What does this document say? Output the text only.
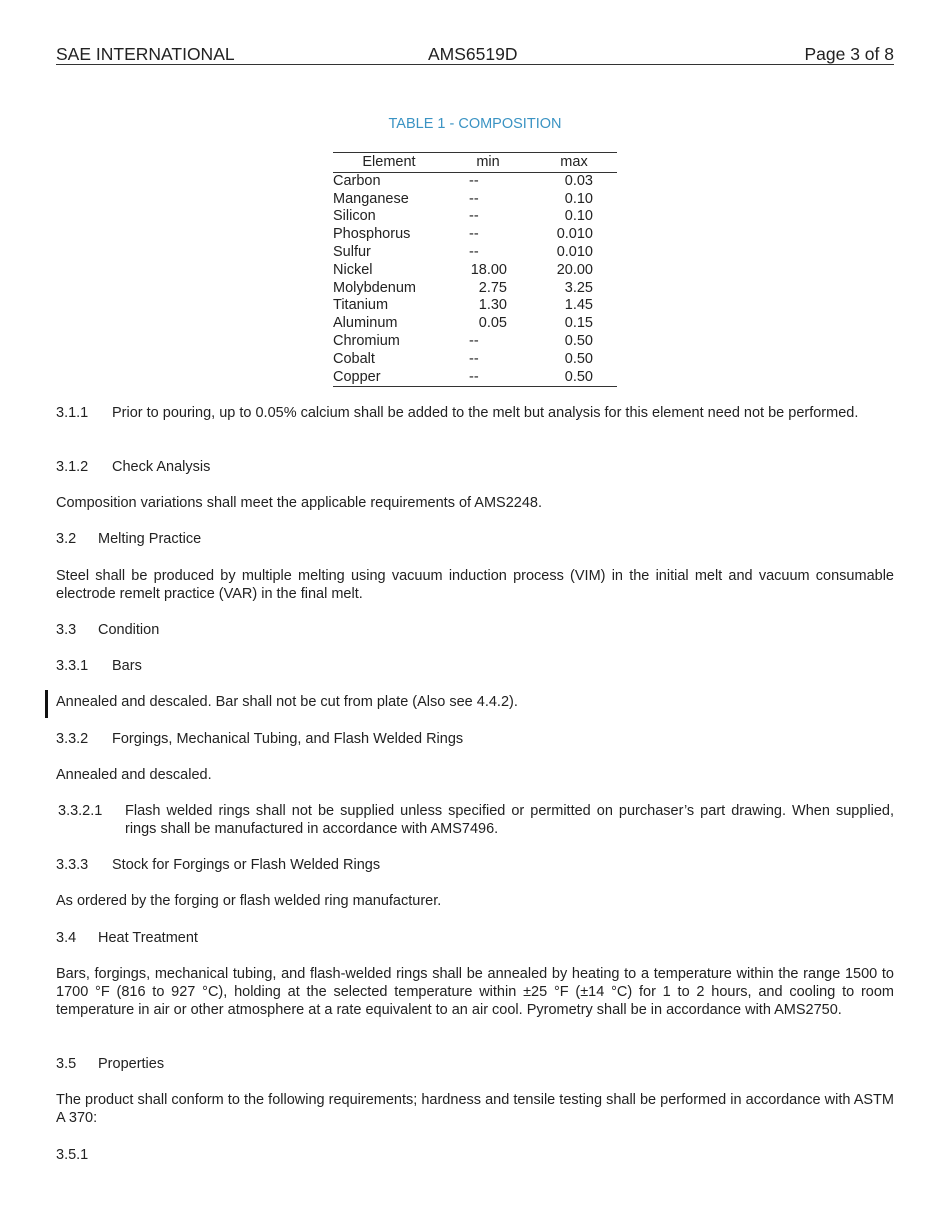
SAE INTERNATIONAL	AMS6519D	Page 3 of 8
TABLE 1 - COMPOSITION
Element	min	max
Carbon	--	0.03
Manganese	--	0.10
Silicon	--	0.10
Phosphorus	--	0.010
Sulfur	--	0.010
Nickel	18.00	20.00
Molybdenum	2.75	3.25
Titanium	1.30	1.45
Aluminum	0.05	0.15
Chromium	--	0.50
Cobalt	--	0.50
Copper	--	0.50
Prior to pouring, up to 0.05% calcium shall be added to the melt but analysis for this element need not be performed.
3.1.1
3.1.2 Check Analysis
Composition variations shall meet the applicable requirements of AMS2248.
3.2 Melting Practice
Steel shall be produced by multiple melting using vacuum induction process (VIM) in the initial melt and vacuum consumable electrode remelt practice (VAR) in the final melt.
3.3 Condition
3.3.1 Bars
Annealed and descaled. Bar shall not be cut from plate (Also see 4.4.2).
3.3.2 Forgings, Mechanical Tubing, and Flash Welded Rings
Annealed and descaled.
3.3.2.1 Flash welded rings shall not be supplied unless specified or permitted on purchaser’s part drawing. When supplied, rings shall be manufactured in accordance with AMS7496.
3.3.3 Stock for Forgings or Flash Welded Rings
As ordered by the forging or flash welded ring manufacturer.
3.4 Heat Treatment
Bars, forgings, mechanical tubing, and flash-welded rings shall be annealed by heating to a temperature within the range 1500 to 1700 °F (816 to 927 °C), holding at the selected temperature within ±25 °F (±14 °C) for 1 to 2 hours, and cooling to room temperature in air or other atmosphere at a rate equivalent to an air cool. Pyrometry shall be in accordance with AMS2750.
3.5 Properties
The product shall conform to the following requirements; hardness and tensile testing shall be performed in accordance with ASTM A 370:
3.5.1
